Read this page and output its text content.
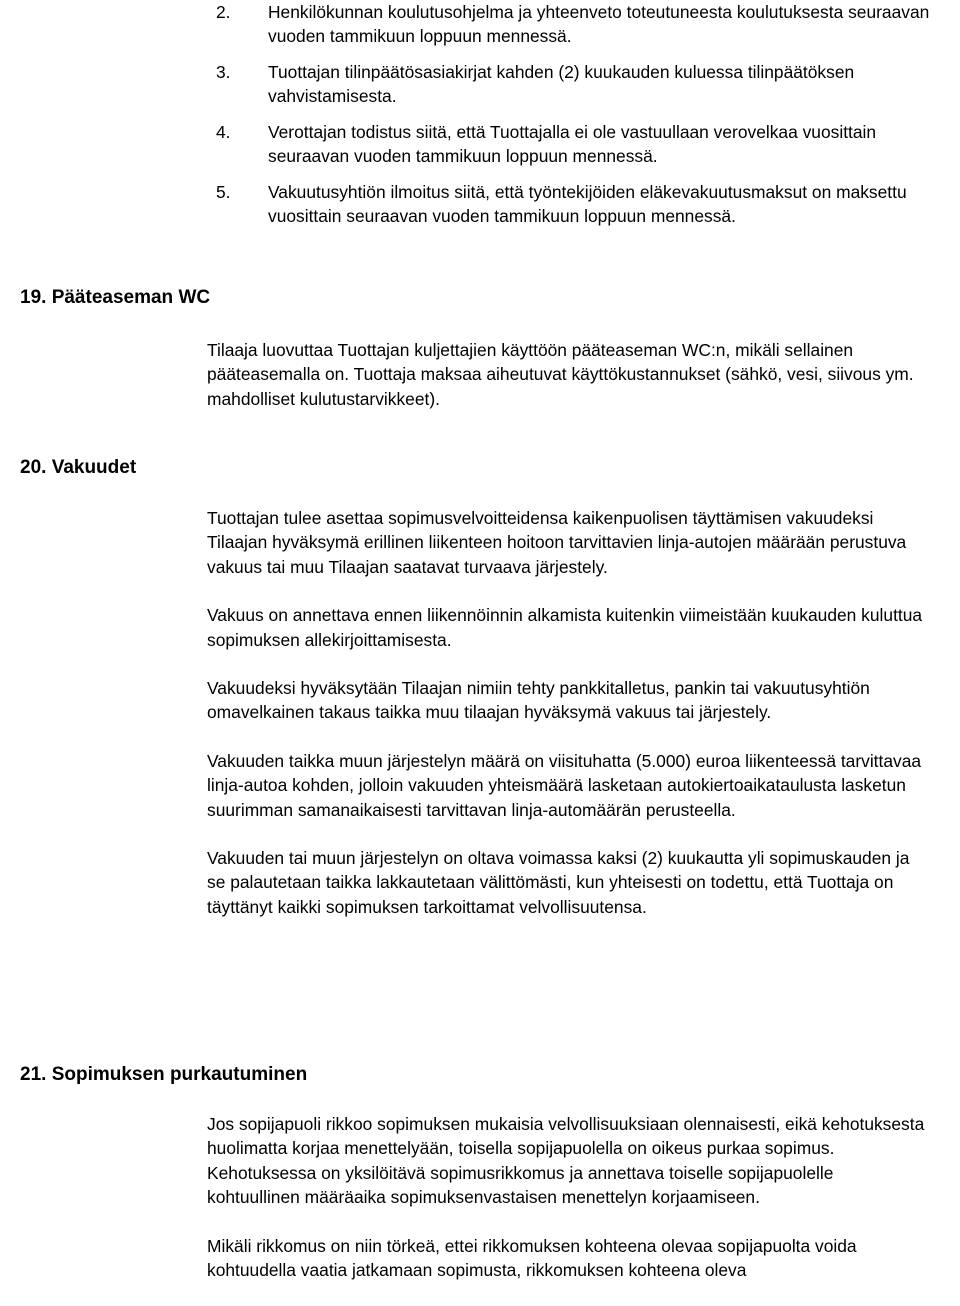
2. Henkilökunnan koulutusohjelma ja yhteenveto toteutuneesta koulutuksesta seuraavan vuoden tammikuun loppuun mennessä.
3. Tuottajan tilinpäätösasiakirjat kahden (2) kuukauden kuluessa tilinpäätöksen vahvistamisesta.
4. Verottajan todistus siitä, että Tuottajalla ei ole vastuullaan verovelkaa vuosittain seuraavan vuoden tammikuun loppuun mennessä.
5. Vakuutusyhtiön ilmoitus siitä, että työntekijöiden eläkevakuutusmaksut on maksettu vuosittain seuraavan vuoden tammikuun loppuun mennessä.
19. Pääteaseman WC

Tilaaja luovuttaa Tuottajan kuljettajien käyttöön pääteaseman WC:n, mikäli sellainen pääteasemalla on. Tuottaja maksaa aiheutuvat käyttökustannukset (sähkö, vesi, siivous ym. mahdolliset kulutustarvikkeet).

20. Vakuudet

Tuottajan tulee asettaa sopimusvelvoitteidensa kaikenpuolisen täyttämisen vakuudeksi Tilaajan hyväksymä erillinen liikenteen hoitoon tarvittavien linja-autojen määrään perustuva vakuus tai muu Tilaajan saatavat turvaava järjestely.

Vakuus on annettava ennen liikennöinnin alkamista kuitenkin viimeistään kuukauden kuluttua sopimuksen allekirjoittamisesta.

Vakuudeksi hyväksytään Tilaajan nimiin tehty pankkitalletus, pankin tai vakuutusyhtiön omavelkainen takaus taikka muu tilaajan hyväksymä vakuus tai järjestely.

Vakuuden taikka muun järjestelyn määrä on viisituhatta (5.000) euroa liikenteessä tarvittavaa linja-autoa kohden, jolloin vakuuden yhteismäärä lasketaan autokiertoaikataulusta lasketun suurimman samanaikaisesti tarvittavan linja-automäärän perusteella.

Vakuuden tai muun järjestelyn on oltava voimassa kaksi (2) kuukautta yli sopimuskauden ja se palautetaan taikka lakkautetaan välittömästi, kun yhteisesti on todettu, että Tuottaja on täyttänyt kaikki sopimuksen tarkoittamat velvollisuutensa.

21. Sopimuksen purkautuminen

Jos sopijapuoli rikkoo sopimuksen mukaisia velvollisuuksiaan olennaisesti, eikä kehotuksesta huolimatta korjaa menettelyään, toisella sopijapuolella on oikeus purkaa sopimus. Kehotuksessa on yksilöitävä sopimusrikkomus ja annettava toiselle sopijapuolelle kohtuullinen määräaika sopimuksenvastaisen menettelyn korjaamiseen.

Mikäli rikkomus on niin törkeä, ettei rikkomuksen kohteena olevaa sopijapuolta voida kohtuudella vaatia jatkamaan sopimusta, rikkomuksen kohteena oleva
